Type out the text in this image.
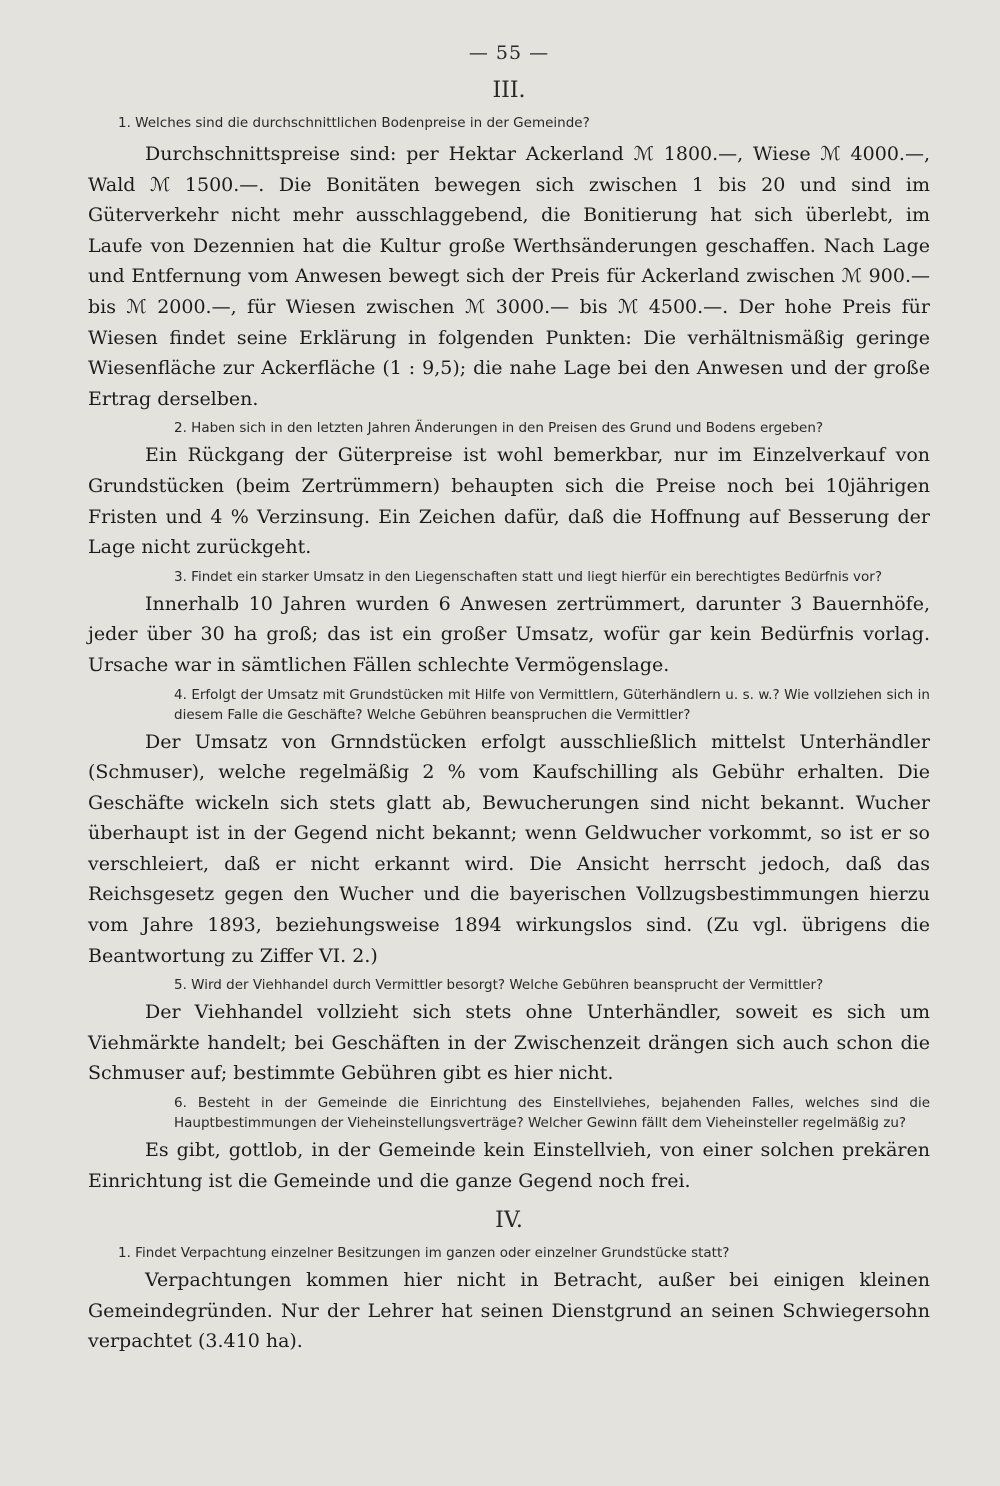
— 55 —
III.
1. Welches sind die durchschnittlichen Bodenpreise in der Gemeinde?

Durchschnittspreise sind: per Hektar Ackerland ℳ 1800.—, Wiese ℳ 4000.—, Wald ℳ 1500.—. Die Bonitäten bewegen sich zwischen 1 bis 20 und sind im Güterverkehr nicht mehr ausschlaggebend, die Bonitierung hat sich überlebt, im Laufe von Dezennien hat die Kultur große Werthsänderungen geschaffen. Nach Lage und Entfernung vom Anwesen bewegt sich der Preis für Ackerland zwischen ℳ 900.— bis ℳ 2000.—, für Wiesen zwischen ℳ 3000.— bis ℳ 4500.—. Der hohe Preis für Wiesen findet seine Erklärung in folgenden Punkten: Die verhältnismäßig geringe Wiesenfläche zur Ackerfläche (1 : 9,5); die nahe Lage bei den Anwesen und der große Ertrag derselben.

2. Haben sich in den letzten Jahren Änderungen in den Preisen des Grund und Bodens ergeben?

Ein Rückgang der Güterpreise ist wohl bemerkbar, nur im Einzelverkauf von Grundstücken (beim Zertrümmern) behaupten sich die Preise noch bei 10jährigen Fristen und 4 % Verzinsung. Ein Zeichen dafür, daß die Hoffnung auf Besserung der Lage nicht zurückgeht.

3. Findet ein starker Umsatz in den Liegenschaften statt und liegt hierfür ein berechtigtes Bedürfnis vor?

Innerhalb 10 Jahren wurden 6 Anwesen zertrümmert, darunter 3 Bauernhöfe, jeder über 30 ha groß; das ist ein großer Umsatz, wofür gar kein Bedürfnis vorlag. Ursache war in sämtlichen Fällen schlechte Vermögenslage.

4. Erfolgt der Umsatz mit Grundstücken mit Hilfe von Vermittlern, Güterhändlern u. s. w.? Wie vollziehen sich in diesem Falle die Geschäfte? Welche Gebühren beanspruchen die Vermittler?

Der Umsatz von Grnndstücken erfolgt ausschließlich mittelst Unterhändler (Schmuser), welche regelmäßig 2 % vom Kaufschilling als Gebühr erhalten. Die Geschäfte wickeln sich stets glatt ab, Bewucherungen sind nicht bekannt. Wucher überhaupt ist in der Gegend nicht bekannt; wenn Geldwucher vorkommt, so ist er so verschleiert, daß er nicht erkannt wird. Die Ansicht herrscht jedoch, daß das Reichsgesetz gegen den Wucher und die bayerischen Vollzugsbestimmungen hierzu vom Jahre 1893, beziehungsweise 1894 wirkungslos sind. (Zu vgl. übrigens die Beantwortung zu Ziffer VI. 2.)

5. Wird der Viehhandel durch Vermittler besorgt? Welche Gebühren beansprucht der Vermittler?

Der Viehhandel vollzieht sich stets ohne Unterhändler, soweit es sich um Viehmärkte handelt; bei Geschäften in der Zwischenzeit drängen sich auch schon die Schmuser auf; bestimmte Gebühren gibt es hier nicht.

6. Besteht in der Gemeinde die Einrichtung des Einstellviehes, bejahenden Falles, welches sind die Hauptbestimmungen der Vieheinstellungsverträge? Welcher Gewinn fällt dem Vieheinsteller regelmäßig zu?

Es gibt, gottlob, in der Gemeinde kein Einstellvieh, von einer solchen prekären Einrichtung ist die Gemeinde und die ganze Gegend noch frei.

IV.
1. Findet Verpachtung einzelner Besitzungen im ganzen oder einzelner Grundstücke statt?

Verpachtungen kommen hier nicht in Betracht, außer bei einigen kleinen Gemeindegründen. Nur der Lehrer hat seinen Dienstgrund an seinen Schwiegersohn verpachtet (3.410 ha).
